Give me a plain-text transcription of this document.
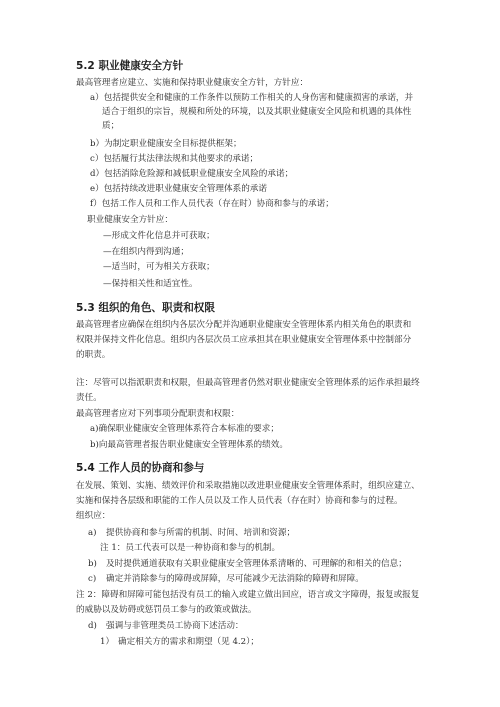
5.2 职业健康安全方针
最高管理者应建立、实施和保持职业健康安全方针，方针应：
a）包括提供安全和健康的工作条件以预防工作相关的人身伤害和健康损害的承诺，并
适合于组织的宗旨，规模和所处的环境，以及其职业健康安全风险和机遇的具体性
质；
b）为制定职业健康安全目标提供框架；
c）包括履行其法律法规和其他要求的承诺；
d）包括消除危险源和减低职业健康安全风险的承诺；
e）包括持续改进职业健康安全管理体系的承诺
f）包括工作人员和工作人员代表（存在时）协商和参与的承诺；
职业健康安全方针应：
—形成文件化信息并可获取；
—在组织内得到沟通；
—适当时，可为相关方获取；
—保持相关性和适宜性。
5.3 组织的角色、职责和权限
最高管理者应确保在组织内各层次分配并沟通职业健康安全管理体系内相关角色的职责和
权限并保持文件化信息。组织内各层次员工应承担其在职业健康安全管理体系中控制部分
的职责。
注：尽管可以指派职责和权限，但最高管理者仍然对职业健康安全管理体系的运作承担最终
责任。
最高管理者应对下列事项分配职责和权限：
a)确保职业健康安全管理体系符合本标准的要求；
b)向最高管理者报告职业健康安全管理体系的绩效。
5.4 工作人员的协商和参与
在发展、策划、实施、绩效评价和采取措施以改进职业健康安全管理体系时，组织应建立、
实施和保持各层级和职能的工作人员以及工作人员代表（存在时）协商和参与的过程。
组织应：
a) 提供协商和参与所需的机制、时间、培训和资源；
注 1：员工代表可以是一种协商和参与的机制。
b) 及时提供通道获取有关职业健康安全管理体系清晰的、可理解的和相关的信息；
c) 确定并消除参与的障碍或屏障，尽可能减少无法消除的障碍和屏障。
注 2：障碍和屏障可能包括没有员工的输入或建立做出回应，语言或文字障碍，报复或报复
的威胁以及妨碍或惩罚员工参与的政策或做法。
d) 强调与非管理类员工协商下述活动：
1） 确定相关方的需求和期望（见 4.2）；
